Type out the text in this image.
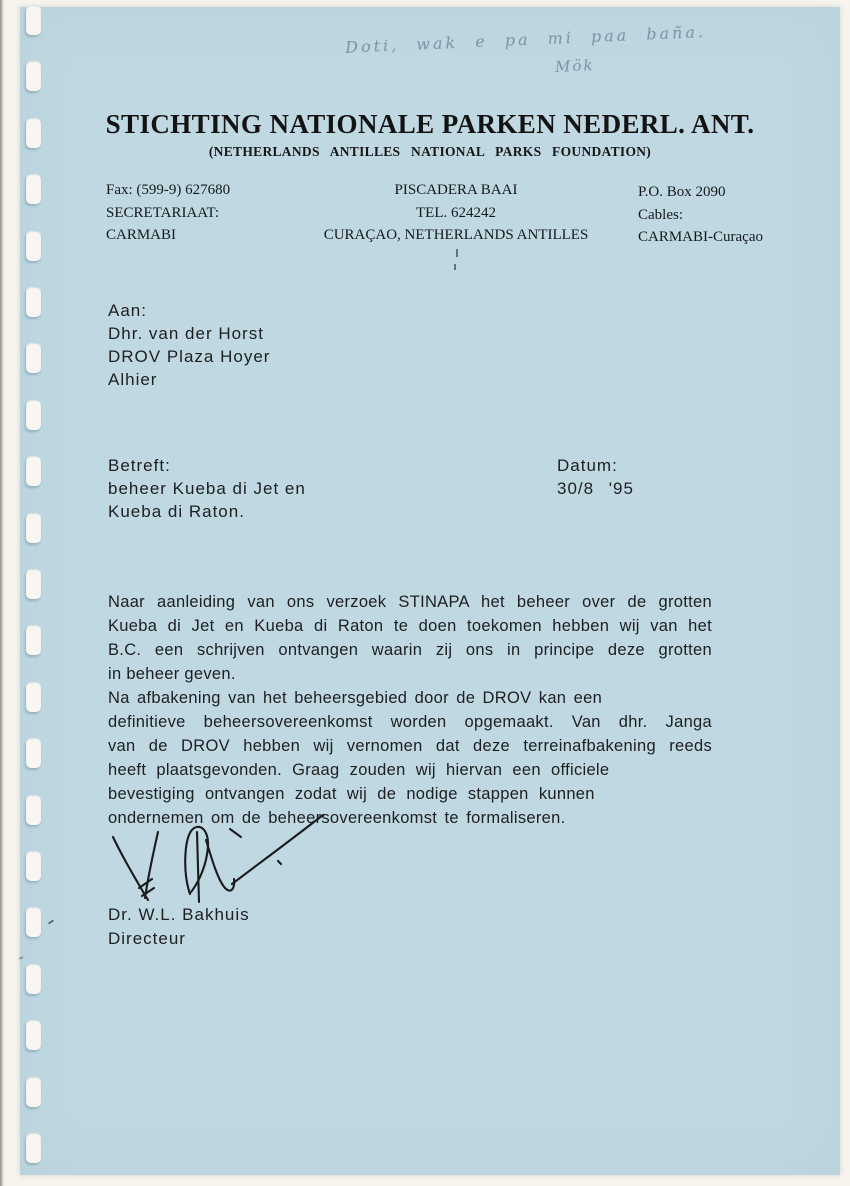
Doti, wak e pa mi paa baña.
Mök
STICHTING NATIONALE PARKEN NEDERL. ANT.
(NETHERLANDS ANTILLES NATIONAL PARKS FOUNDATION)
Fax: (599-9) 627680
SECRETARIAAT:
CARMABI
PISCADERA BAAI
TEL. 624242
CURAÇAO, NETHERLANDS ANTILLES
P.O. Box 2090
Cables:
CARMABI-Curaçao
Aan:
Dhr. van der Horst
DROV Plaza Hoyer
Alhier
Betreft:
beheer Kueba di Jet en
Kueba di Raton.
Datum:
30/8 '95
Naar aanleiding van ons verzoek STINAPA het beheer over de grotten
Kueba di Jet en Kueba di Raton te doen toekomen hebben wij van het
B.C. een schrijven ontvangen waarin zij ons in principe deze grotten
in beheer geven.
Na afbakening van het beheersgebied door de DROV kan een
definitieve beheersovereenkomst worden opgemaakt. Van dhr. Janga
van de DROV hebben wij vernomen dat deze terreinafbakening reeds
heeft plaatsgevonden. Graag zouden wij hiervan een officiele
bevestiging ontvangen zodat wij de nodige stappen kunnen
ondernemen om de beheersovereenkomst te formaliseren.
Dr. W.L. Bakhuis
Directeur
